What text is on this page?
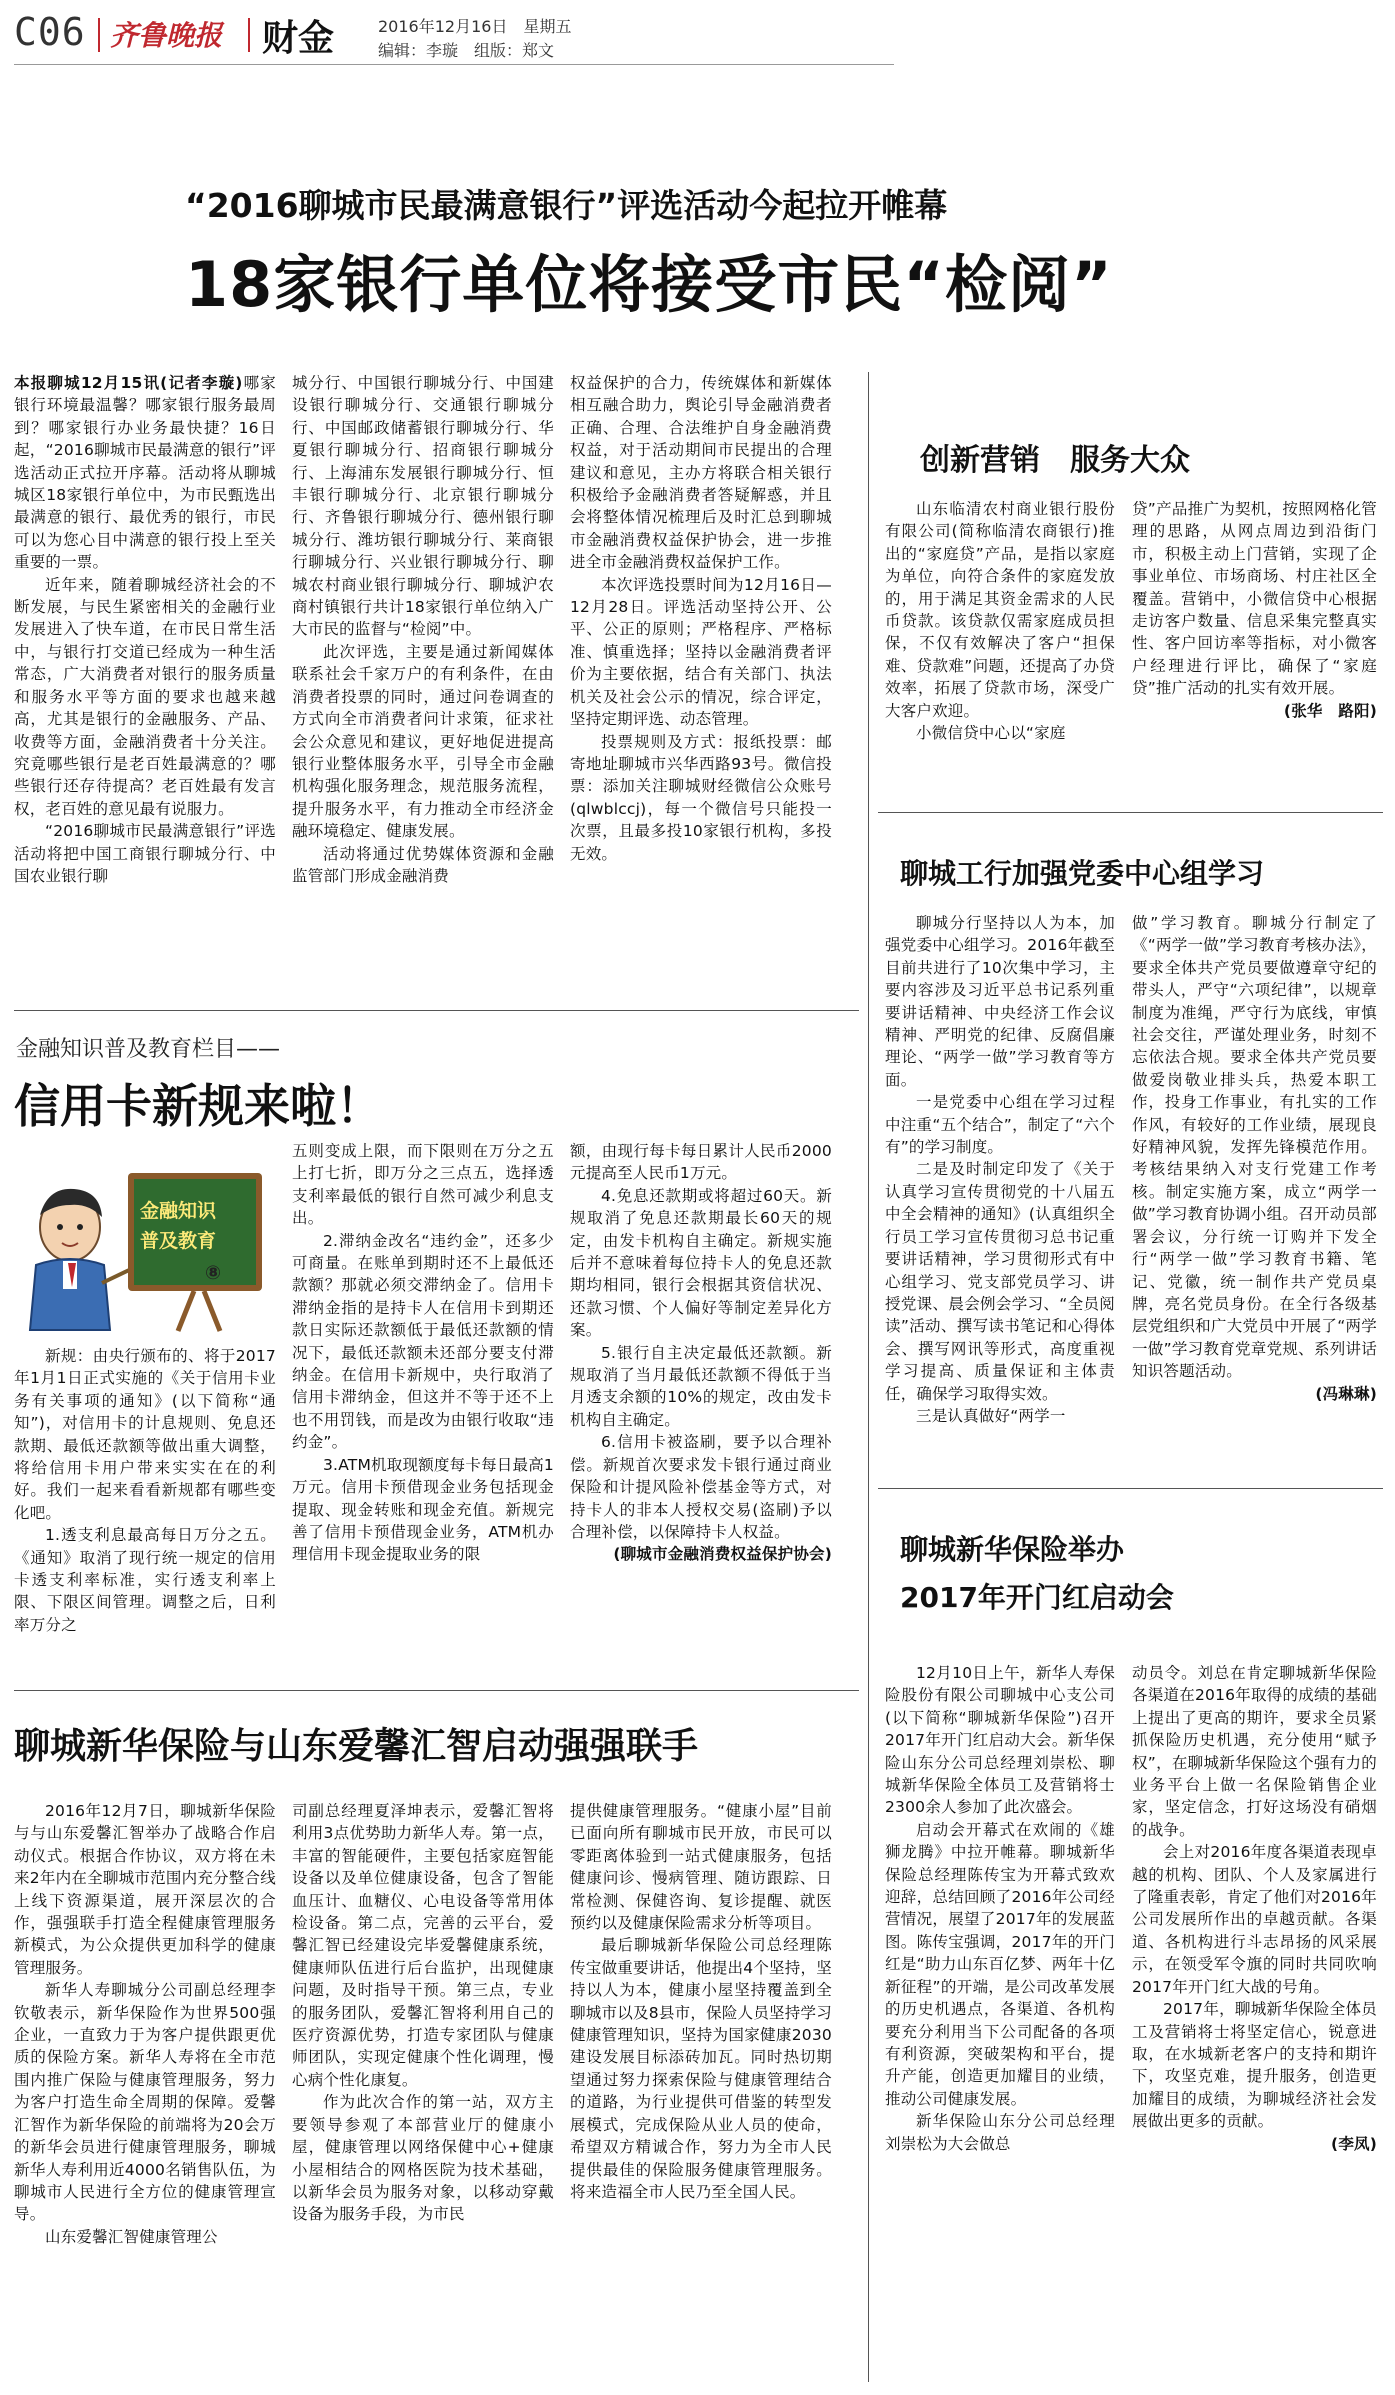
C06 齐鲁晚报 财金	2016年12月16日　星期五
编辑：李璇　组版：郑文
“2016聊城市民最满意银行”评选活动今起拉开帷幕
18家银行单位将接受市民“检阅”

本报聊城12月15讯(记者李璇)哪家银行环境最温馨？哪家银行服务最周到？哪家银行办业务最快捷？16日起，“2016聊城市民最满意的银行”评选活动正式拉开序幕。活动将从聊城城区18家银行单位中，为市民甄选出最满意的银行、最优秀的银行，市民可以为您心目中满意的银行投上至关重要的一票。

近年来，随着聊城经济社会的不断发展，与民生紧密相关的金融行业发展进入了快车道，在市民日常生活中，与银行打交道已经成为一种生活常态，广大消费者对银行的服务质量和服务水平等方面的要求也越来越高，尤其是银行的金融服务、产品、收费等方面，金融消费者十分关注。究竟哪些银行是老百姓最满意的？哪些银行还存待提高？老百姓最有发言权，老百姓的意见最有说服力。

“2016聊城市民最满意银行”评选活动将把中国工商银行聊城分行、中国农业银行聊

城分行、中国银行聊城分行、中国建设银行聊城分行、交通银行聊城分行、中国邮政储蓄银行聊城分行、华夏银行聊城分行、招商银行聊城分行、上海浦东发展银行聊城分行、恒丰银行聊城分行、北京银行聊城分行、齐鲁银行聊城分行、德州银行聊城分行、潍坊银行聊城分行、莱商银行聊城分行、兴业银行聊城分行、聊城农村商业银行聊城分行、聊城沪农商村镇银行共计18家银行单位纳入广大市民的监督与“检阅”中。

此次评选，主要是通过新闻媒体联系社会千家万户的有利条件，在由消费者投票的同时，通过问卷调查的方式向全市消费者问计求策，征求社会公众意见和建议，更好地促进提高银行业整体服务水平，引导全市金融机构强化服务理念，规范服务流程，提升服务水平，有力推动全市经济金融环境稳定、健康发展。

活动将通过优势媒体资源和金融监管部门形成金融消费

权益保护的合力，传统媒体和新媒体相互融合助力，舆论引导金融消费者正确、合理、合法维护自身金融消费权益，对于活动期间市民提出的合理建议和意见，主办方将联合相关银行积极给予金融消费者答疑解惑，并且会将整体情况梳理后及时汇总到聊城市金融消费权益保护协会，进一步推进全市金融消费权益保护工作。

本次评选投票时间为12月16日—12月28日。评选活动坚持公开、公平、公正的原则；严格程序、严格标准、慎重选择；坚持以金融消费者评价为主要依据，结合有关部门、执法机关及社会公示的情况，综合评定，坚持定期评选、动态管理。

投票规则及方式：报纸投票：邮寄地址聊城市兴华西路93号。微信投票：添加关注聊城财经微信公众账号(qlwblccj)，每一个微信号只能投一次票，且最多投10家银行机构，多投无效。

创新营销　服务大众

山东临清农村商业银行股份有限公司(简称临清农商银行)推出的“家庭贷”产品，是指以家庭为单位，向符合条件的家庭发放的，用于满足其资金需求的人民币贷款。该贷款仅需家庭成员担保，不仅有效解决了客户“担保难、贷款难”问题，还提高了办贷效率，拓展了贷款市场，深受广大客户欢迎。

小微信贷中心以“家庭

贷”产品推广为契机，按照网格化管理的思路，从网点周边到沿街门市，积极主动上门营销，实现了企事业单位、市场商场、村庄社区全覆盖。营销中，小微信贷中心根据走访客户数量、信息采集完整真实性、客户回访率等指标，对小微客户经理进行评比，确保了“家庭贷”推广活动的扎实有效开展。

(张华　路阳)

聊城工行加强党委中心组学习

聊城分行坚持以人为本，加强党委中心组学习。2016年截至目前共进行了10次集中学习，主要内容涉及习近平总书记系列重要讲话精神、中央经济工作会议精神、严明党的纪律、反腐倡廉理论、“两学一做”学习教育等方面。

一是党委中心组在学习过程中注重“五个结合”，制定了“六个有”的学习制度。

二是及时制定印发了《关于认真学习宣传贯彻党的十八届五中全会精神的通知》(认真组织全行员工学习宣传贯彻习总书记重要讲话精神，学习贯彻形式有中心组学习、党支部党员学习、讲授党课、晨会例会学习、“全员阅读”活动、撰写读书笔记和心得体会、撰写网讯等形式，高度重视学习提高、质量保证和主体责任，确保学习取得实效。

三是认真做好“两学一

做”学习教育。聊城分行制定了《“两学一做”学习教育考核办法》，要求全体共产党员要做遵章守纪的带头人，严守“六项纪律”，以规章制度为准绳，严守行为底线，审慎社会交往，严谨处理业务，时刻不忘依法合规。要求全体共产党员要做爱岗敬业排头兵，热爱本职工作，投身工作事业，有扎实的工作作风，有较好的工作业绩，展现良好精神风貌，发挥先锋模范作用。考核结果纳入对支行党建工作考核。制定实施方案，成立“两学一做”学习教育协调小组。召开动员部署会议，分行统一订购并下发全行“两学一做”学习教育书籍、笔记、党徽，统一制作共产党员桌牌，亮名党员身份。在全行各级基层党组织和广大党员中开展了“两学一做”学习教育党章党规、系列讲话知识答题活动。

(冯琳琳)

聊城新华保险举办
2017年开门红启动会

12月10日上午，新华人寿保险股份有限公司聊城中心支公司(以下简称“聊城新华保险”)召开2017年开门红启动大会。新华保险山东分公司总经理刘崇松、聊城新华保险全体员工及营销将士2300余人参加了此次盛会。

启动会开幕式在欢闹的《雄狮龙腾》中拉开帷幕。聊城新华保险总经理陈传宝为开幕式致欢迎辞，总结回顾了2016年公司经营情况，展望了2017年的发展蓝图。陈传宝强调，2017年的开门红是“助力山东百亿梦、两年十亿新征程”的开端，是公司改革发展的历史机遇点，各渠道、各机构要充分利用当下公司配备的各项有利资源，突破架构和平台，提升产能，创造更加耀目的业绩，推动公司健康发展。

新华保险山东分公司总经理刘崇松为大会做总

动员令。刘总在肯定聊城新华保险各渠道在2016年取得的成绩的基础上提出了更高的期许，要求全员紧抓保险历史机遇，充分使用“赋予权”，在聊城新华保险这个强有力的业务平台上做一名保险销售企业家，坚定信念，打好这场没有硝烟的战争。

会上对2016年度各渠道表现卓越的机构、团队、个人及家属进行了隆重表彰，肯定了他们对2016年公司发展所作出的卓越贡献。各渠道、各机构进行斗志昂扬的风采展示，在领受军令旗的同时共同吹响2017年开门红大战的号角。

2017年，聊城新华保险全体员工及营销将士将坚定信心，锐意进取，在水城新老客户的支持和期许下，攻坚克难，提升服务，创造更加耀目的成绩，为聊城经济社会发展做出更多的贡献。

(李凤)

金融知识普及教育栏目——
信用卡新规来啦！
金融知识
普及教育
⑧

新规：由央行颁布的、将于2017年1月1日正式实施的《关于信用卡业务有关事项的通知》(以下简称“通知”)，对信用卡的计息规则、免息还款期、最低还款额等做出重大调整，将给信用卡用户带来实实在在的利好。我们一起来看看新规都有哪些变化吧。

1.透支利息最高每日万分之五。《通知》取消了现行统一规定的信用卡透支利率标准，实行透支利率上限、下限区间管理。调整之后，日利率万分之

五则变成上限，而下限则在万分之五上打七折，即万分之三点五，选择透支利率最低的银行自然可减少利息支出。

2.滞纳金改名“违约金”，还多少可商量。在账单到期时还不上最低还款额？那就必须交滞纳金了。信用卡滞纳金指的是持卡人在信用卡到期还款日实际还款额低于最低还款额的情况下，最低还款额未还部分要支付滞纳金。在信用卡新规中，央行取消了信用卡滞纳金，但这并不等于还不上也不用罚钱，而是改为由银行收取“违约金”。

3.ATM机取现额度每卡每日最高1万元。信用卡预借现金业务包括现金提取、现金转账和现金充值。新规完善了信用卡预借现金业务，ATM机办理信用卡现金提取业务的限

额，由现行每卡每日累计人民币2000元提高至人民币1万元。

4.免息还款期或将超过60天。新规取消了免息还款期最长60天的规定，由发卡机构自主确定。新规实施后并不意味着每位持卡人的免息还款期均相同，银行会根据其资信状况、还款习惯、个人偏好等制定差异化方案。

5.银行自主决定最低还款额。新规取消了当月最低还款额不得低于当月透支余额的10%的规定，改由发卡机构自主确定。

6.信用卡被盗刷，要予以合理补偿。新规首次要求发卡银行通过商业保险和计提风险补偿基金等方式，对持卡人的非本人授权交易(盗刷)予以合理补偿，以保障持卡人权益。

(聊城市金融消费权益保护协会)

聊城新华保险与山东爱馨汇智启动强强联手

2016年12月7日，聊城新华保险与与山东爱馨汇智举办了战略合作启动仪式。根据合作协议，双方将在未来2年内在全聊城市范围内充分整合线上线下资源渠道，展开深层次的合作，强强联手打造全程健康管理服务新模式，为公众提供更加科学的健康管理服务。

新华人寿聊城分公司副总经理李钦敬表示，新华保险作为世界500强企业，一直致力于为客户提供跟更优质的保险方案。新华人寿将在全市范围内推广保险与健康管理服务，努力为客户打造生命全周期的保障。爱馨汇智作为新华保险的前端将为20会万的新华会员进行健康管理服务，聊城新华人寿利用近4000名销售队伍，为聊城市人民进行全方位的健康管理宣导。

山东爱馨汇智健康管理公

司副总经理夏泽坤表示，爱馨汇智将利用3点优势助力新华人寿。第一点，丰富的智能硬件，主要包括家庭智能设备以及单位健康设备，包含了智能血压计、血糖仪、心电设备等常用体检设备。第二点，完善的云平台，爱馨汇智已经建设完毕爱馨健康系统，健康师队伍进行后台监护，出现健康问题，及时指导干预。第三点，专业的服务团队，爱馨汇智将利用自己的医疗资源优势，打造专家团队与健康师团队，实现定健康个性化调理，慢心病个性化康复。

作为此次合作的第一站，双方主要领导参观了本部营业厅的健康小屋，健康管理以网络保健中心+健康小屋相结合的网格医院为技术基础，以新华会员为服务对象，以移动穿戴设备为服务手段，为市民

提供健康管理服务。“健康小屋”目前已面向所有聊城市民开放，市民可以零距离体验到一站式健康服务，包括健康问诊、慢病管理、随访跟踪、日常检测、保健咨询、复诊提醒、就医预约以及健康保险需求分析等项目。

最后聊城新华保险公司总经理陈传宝做重要讲话，他提出4个坚持，坚持以人为本，健康小屋坚持覆盖到全聊城市以及8县市，保险人员坚持学习健康管理知识，坚持为国家健康2030建设发展目标添砖加瓦。同时热切期望通过努力探索保险与健康管理结合的道路，为行业提供可借鉴的转型发展模式，完成保险从业人员的使命，希望双方精诚合作，努力为全市人民提供最佳的保险服务健康管理服务。将来造福全市人民乃至全国人民。
